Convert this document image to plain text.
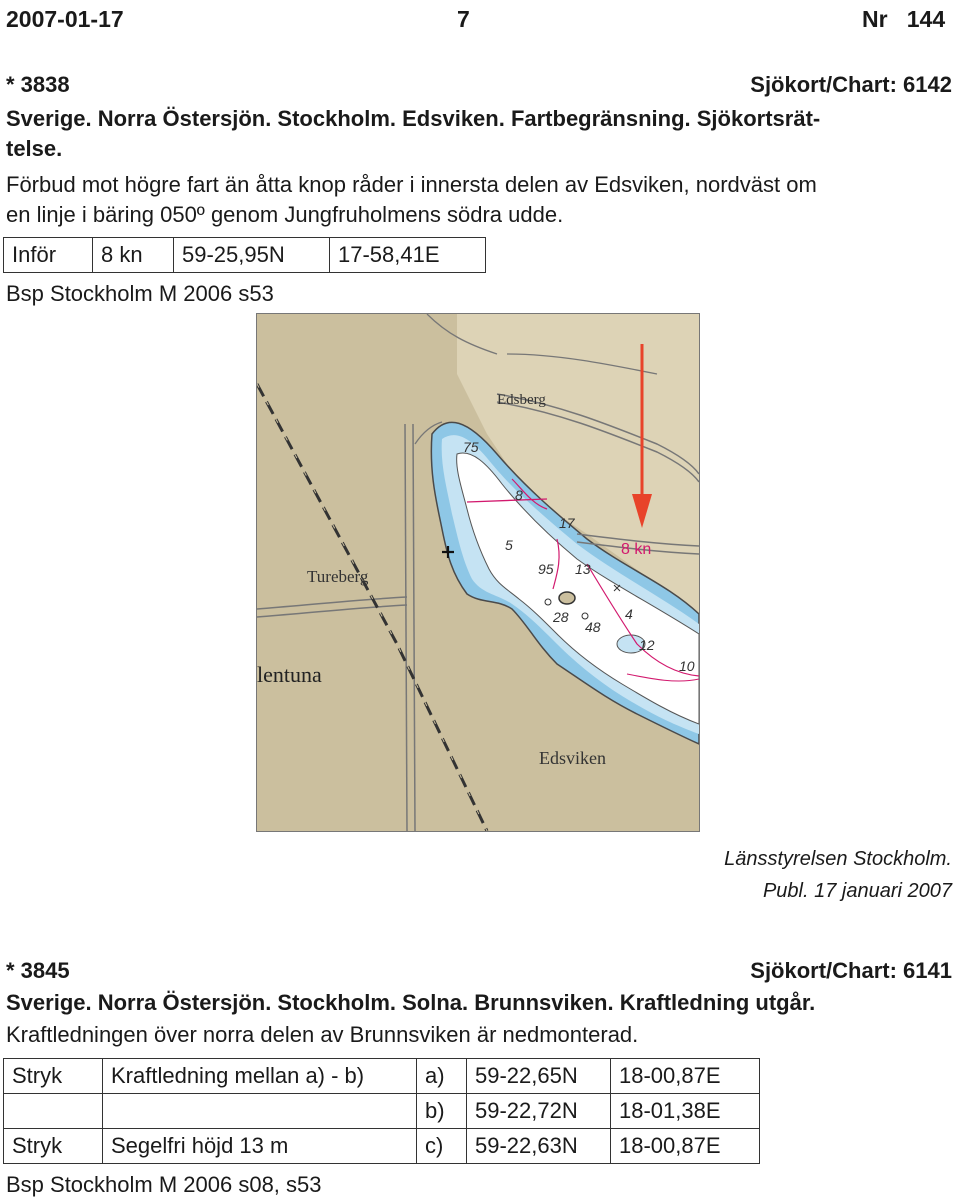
2007-01-17	7	Nr 144
* 3838	Sjökort/Chart: 6142
Sverige. Norra Östersjön. Stockholm. Edsviken. Fartbegränsning. Sjökortsrät-
telse.
Förbud mot högre fart än åtta knop råder i innersta delen av Edsviken, nordväst om
en linje i bäring 050º genom Jungfruholmens södra udde.
Inför	8 kn	59-25,95N	17-58,41E
Bsp Stockholm M 2006 s53
Edsberg
Tureberg
lentuna
Edsviken
75
8
5
17
95 13
28
48
4
12
10
8 kn
Länsstyrelsen Stockholm.
Publ. 17 januari 2007
* 3845	Sjökort/Chart: 6141
Sverige. Norra Östersjön. Stockholm. Solna. Brunnsviken. Kraftledning utgår.
Kraftledningen över norra delen av Brunnsviken är nedmonterad.
Stryk	Kraftledning mellan a) - b)	a)	59-22,65N	18-00,87E
		b)	59-22,72N	18-01,38E
Stryk	Segelfri höjd 13 m	c)	59-22,63N	18-00,87E
Bsp Stockholm M 2006 s08, s53
